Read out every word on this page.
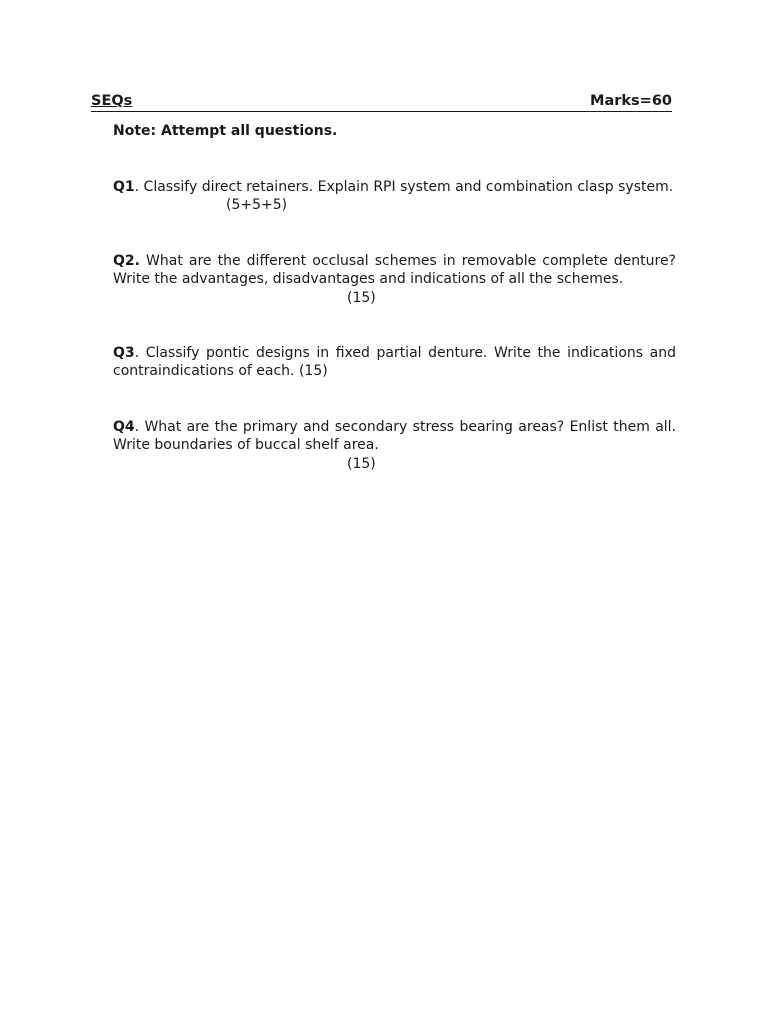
SEQs	Marks=60
Note: Attempt all questions.
Q1. Classify direct retainers. Explain RPI system and combination clasp system.
(5+5+5)
Q2. What are the different occlusal schemes in removable complete denture? Write the advantages, disadvantages and indications of all the schemes.
(15)
Q3. Classify pontic designs in fixed partial denture. Write the indications and contraindications of each. (15)
Q4. What are the primary and secondary stress bearing areas? Enlist them all. Write boundaries of buccal shelf area.
(15)
